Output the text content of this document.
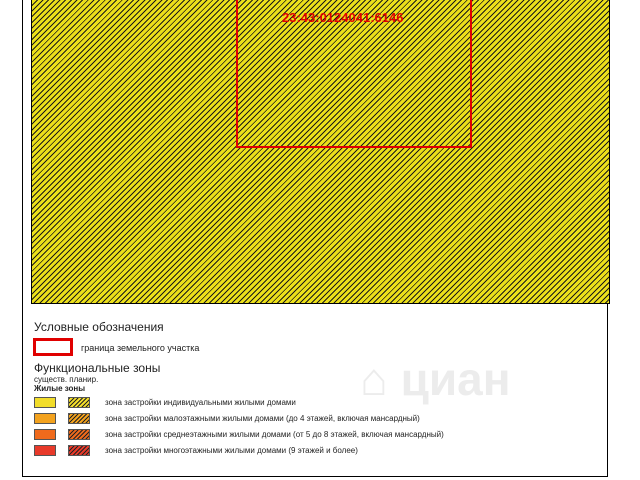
23:43:0124041:6146
Условные обозначения
граница земельного участка
Функциональные зоны
существ. планир.
Жилые зоны
зона застройки индивидуальными жилыми домами
зона застройки малоэтажными жилыми домами (до 4 этажей, включая мансардный)
зона застройки среднеэтажными жилыми домами (от 5 до 8 этажей, включая мансардный)
зона застройки многоэтажными жилыми домами (9 этажей и более)
⌂ циан
